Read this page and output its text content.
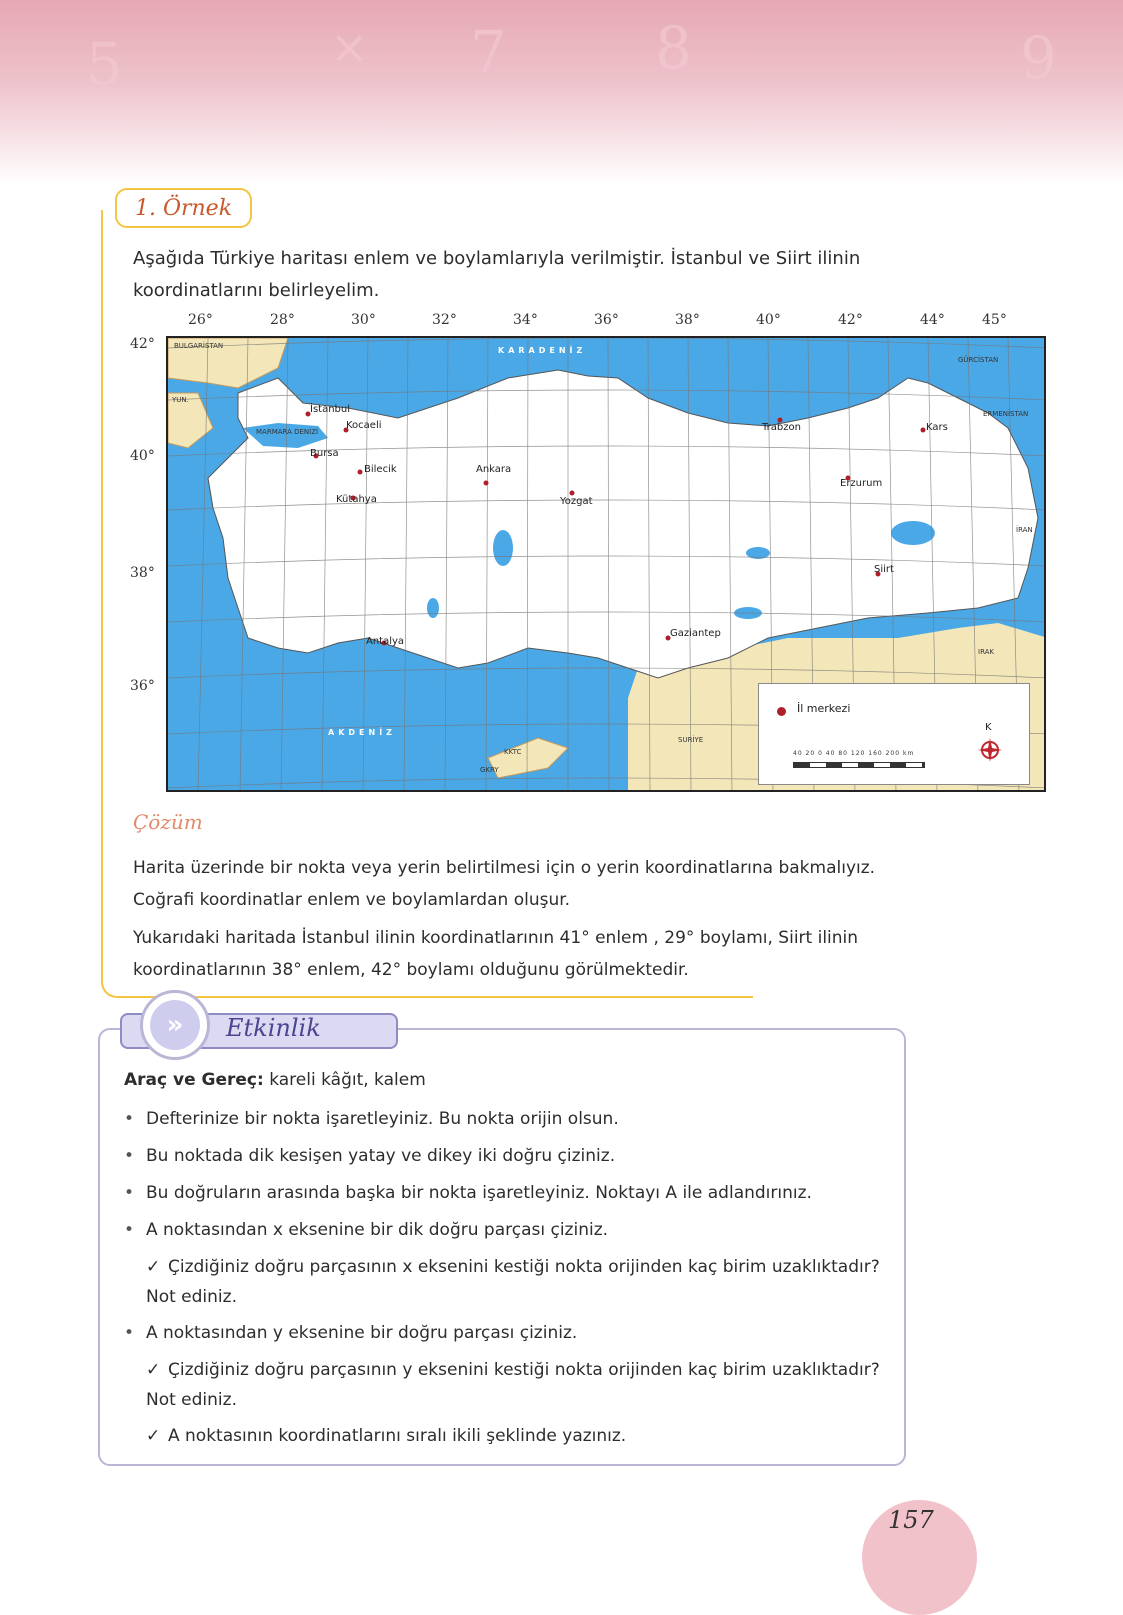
5	× 7	8	9
1. Örnek
Aşağıda Türkiye haritası enlem ve boylamlarıyla verilmiştir. İstanbul ve Siirt ilinin koordinatlarını belirleyelim.
26°	28°	30°	32°	34°	36°	38°	40°	42°	44°	45°
42°
40°
38°
36°
KARADENİZ
AKDENİZ
BULGARİSTAN
YUN.
GÜRCİSTAN
ERMENİSTAN
İRAN
IRAK
SURİYE
KKTC
GKRY
MARMARA DENİZİ
İstanbul
Kocaeli
Bursa
Bilecik
Kütahya
Ankara
Yozgat
Antalya
Gaziantep
Trabzon	Kars
Erzurum
Siirt
İl merkezi
40 20 0 40 80 120 160 200 km
K
Çözüm
Harita üzerinde bir nokta veya yerin belirtilmesi için o yerin koordinatlarına bakmalıyız. Coğrafi koordinatlar enlem ve boylamlardan oluşur.
Yukarıdaki haritada İstanbul ilinin koordinatlarının 41° enlem , 29° boylamı, Siirt ilinin koordinatlarının 38° enlem, 42° boylamı olduğunu görülmektedir.
»	Etkinlik
Araç ve Gereç: kareli kâğıt, kalem
• Defterinize bir nokta işaretleyiniz. Bu nokta orijin olsun.
• Bu noktada dik kesişen yatay ve dikey iki doğru çiziniz.
• Bu doğruların arasında başka bir nokta işaretleyiniz. Noktayı A ile adlandırınız.
• A noktasından x eksenine bir dik doğru parçası çiziniz.
✓ Çizdiğiniz doğru parçasının x eksenini kestiği nokta orijinden kaç birim uzaklıktadır? Not ediniz.
• A noktasından y eksenine bir doğru parçası çiziniz.
✓ Çizdiğiniz doğru parçasının y eksenini kestiği nokta orijinden kaç birim uzaklıktadır? Not ediniz.
✓ A noktasının koordinatlarını sıralı ikili şeklinde yazınız.
157
